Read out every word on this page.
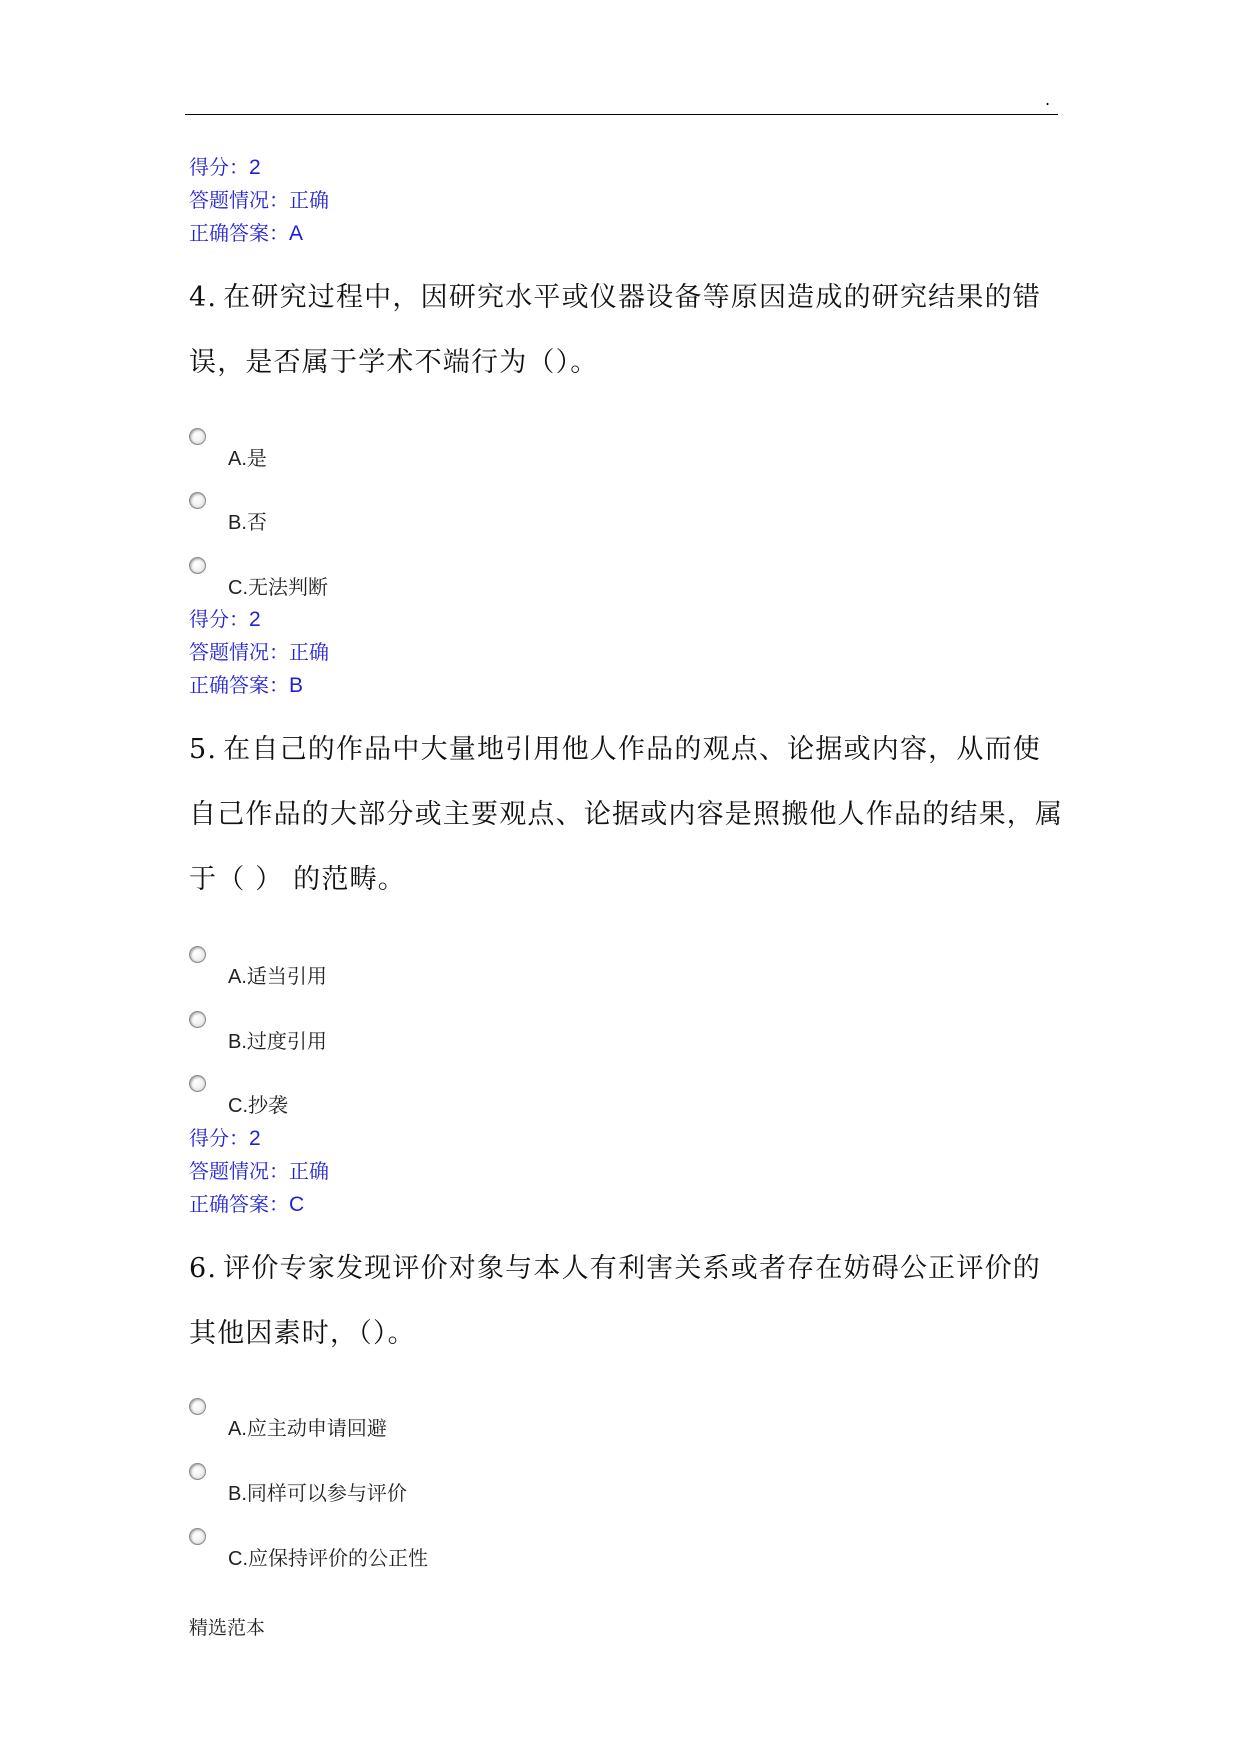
.
得分：2
答题情况：正确
正确答案：A
4. 在研究过程中，因研究水平或仪器设备等原因造成的研究结果的错误，是否属于学术不端行为（）。
A.是
B.否
C.无法判断
得分：2
答题情况：正确
正确答案：B
5. 在自己的作品中大量地引用他人作品的观点、论据或内容，从而使自己作品的大部分或主要观点、论据或内容是照搬他人作品的结果，属于（ ） 的范畴。
A.适当引用
B.过度引用
C.抄袭
得分：2
答题情况：正确
正确答案：C
6. 评价专家发现评价对象与本人有利害关系或者存在妨碍公正评价的其他因素时，（）。
A.应主动申请回避
B.同样可以参与评价
C.应保持评价的公正性
精选范本
